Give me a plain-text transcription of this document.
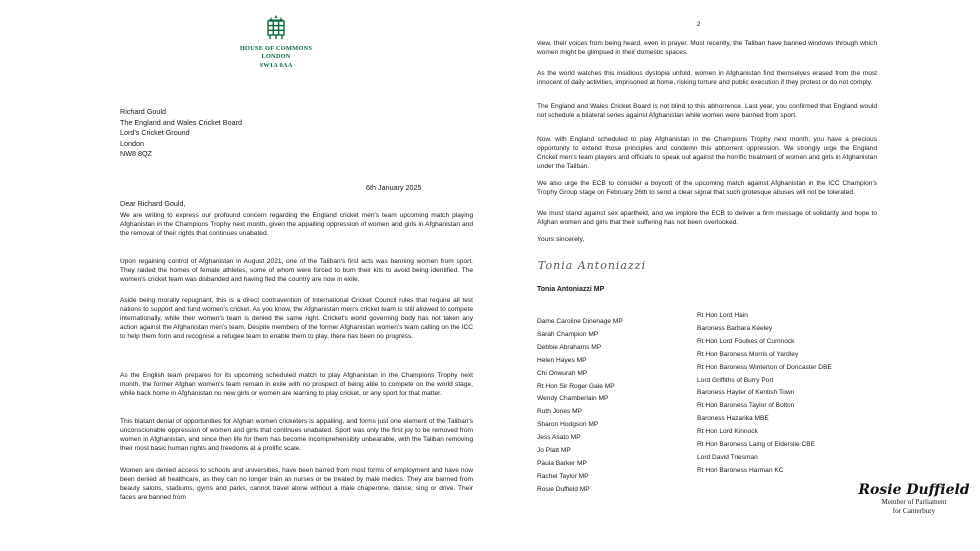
HOUSE OF COMMONS
LONDON
SW1A 0AA
Richard Gould
The England and Wales Cricket Board
Lord's Cricket Ground
London
NW8 8QZ
6th January 2025
Dear Richard Gould,
We are writing to express our profound concern regarding the England cricket men's team upcoming match playing Afghanistan in the Champions Trophy next month, given the appalling oppression of women and girls in Afghanistan and the removal of their rights that continues unabated.
Upon regaining control of Afghanistan in August 2021, one of the Taliban's first acts was banning women from sport. They raided the homes of female athletes, some of whom were forced to burn their kits to avoid being identified. The women's cricket team was disbanded and having fled the country are now in exile.
Aside being morally repugnant, this is a direct contravention of International Cricket Council rules that require all test nations to support and fund women's cricket. As you know, the Afghanistan men's cricket team is still allowed to compete internationally, while their women's team is denied the same right. Cricket's world governing body has not taken any action against the Afghanistan men's team. Despite members of the former Afghanistan women's team calling on the ICC to help them form and recognise a refugee team to enable them to play, there has been no progress.
As the English team prepares for its upcoming scheduled match to play Afghanistan in the Champions Trophy next month, the former Afghan women's team remain in exile with no prospect of being able to compete on the world stage, while back home in Afghanistan no new girls or women are learning to play cricket, or any sport for that matter.
This blatant denial of opportunities for Afghan women cricketers is appalling, and forms just one element of the Taliban's unconscionable oppression of women and girls that continues unabated. Sport was only the first joy to be removed from women in Afghanistan, and since then life for them has become incomprehensibly unbearable, with the Taliban removing their most basic human rights and freedoms at a prolific scale.
Women are denied access to schools and universities, have been barred from most forms of employment and have now been denied all healthcare, as they can no longer train as nurses or be treated by male medics. They are banned from beauty salons, stadiums, gyms and parks, cannot travel alone without a male chaperone, dance, sing or drive. Their faces are banned from
2
view, their voices from being heard, even in prayer. Most recently, the Taliban have banned windows through which women might be glimpsed in their domestic spaces.
As the world watches this insidious dystopia unfold, women in Afghanistan find themselves erased from the most innocent of daily activities, imprisoned at home, risking torture and public execution if they protest or do not comply.
The England and Wales Cricket Board is not blind to this abhorrence. Last year, you confirmed that England would not schedule a bilateral series against Afghanistan while women were banned from sport.
Now, with England scheduled to play Afghanistan in the Champions Trophy next month, you have a precious opportunity to extend those principles and condemn this abhorrent oppression. We strongly urge the England Cricket men's team players and officials to speak out against the horrific treatment of women and girls in Afghanistan under the Taliban.
We also urge the ECB to consider a boycott of the upcoming match against Afghanistan in the ICC Champion's Trophy Group stage on February 26th to send a clear signal that such grotesque abuses will not be tolerated.
We must stand against sex apartheid, and we implore the ECB to deliver a firm message of solidarity and hope to Afghan women and girls that their suffering has not been overlooked.
Yours sincerely,
Tonia Antoniazzi
Tonia Antoniazzi MP
Dame Caroline Dinenage MP
Sarah Champion MP
Debbie Abrahams MP
Helen Hayes MP
Chi Onwurah MP
Rt Hon Sir Roger Gale MP
Wendy Chamberlain MP
Ruth Jones MP
Sharon Hodgson MP
Jess Asato MP
Jo Platt MP
Paula Barker MP
Rachel Taylor MP
Rosie Duffield MP
Rt Hon Lord Hain
Baroness Barbara Keeley
Rt Hon Lord Foulkes of Cumnock
Rt Hon Baroness Morris of Yardley
Rt Hon Baroness Winterton of Doncaster DBE
Lord Griffiths of Burry Port
Baroness Hayter of Kentish Town
Rt Hon Baroness Taylor of Bolton
Baroness Hazarika MBE
Rt Hon Lord Kinnock
Rt Hon Baroness Laing of Elderslie CBE
Lord David Triesman
Rt Hon Baroness Harman KC
Rosie Duffield
Member of Parliament
for Canterbury
